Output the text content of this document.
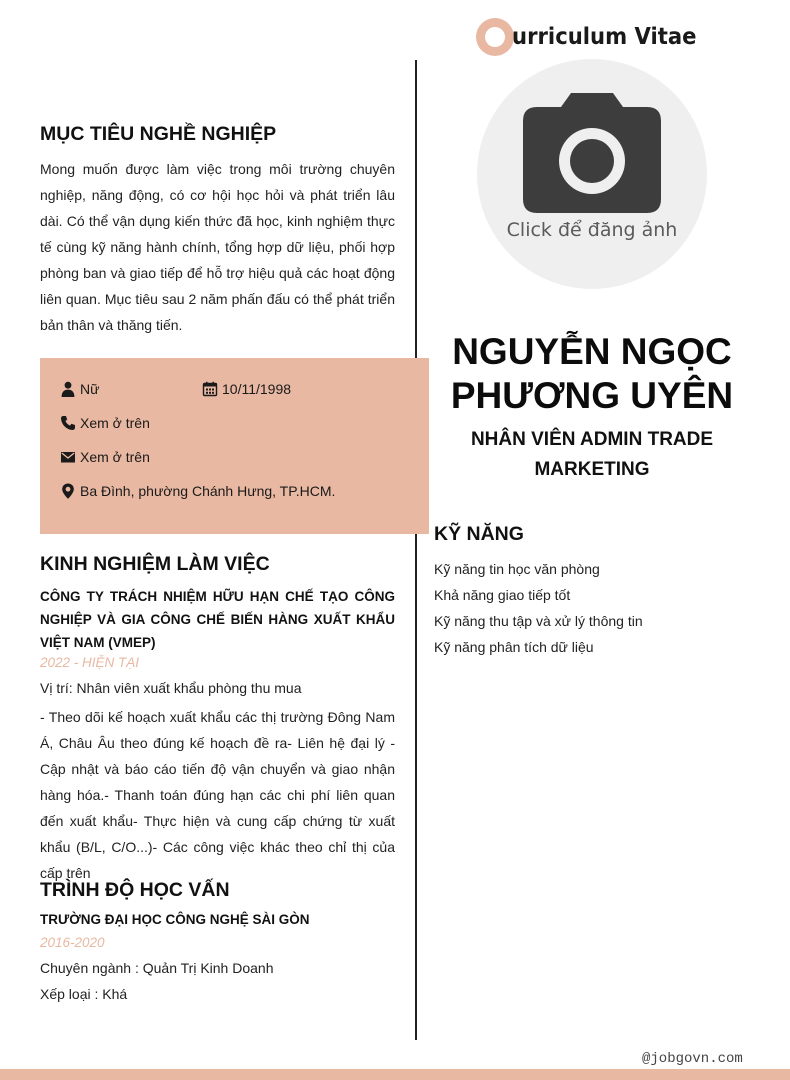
urriculum Vitae
MỤC TIÊU NGHỀ NGHIỆP

Mong muốn được làm việc trong môi trường chuyên nghiệp, năng động, có cơ hội học hỏi và phát triển lâu dài. Có thể vận dụng kiến thức đã học, kinh nghiệm thực tế cùng kỹ năng hành chính, tổng hợp dữ liệu, phối hợp phòng ban và giao tiếp để hỗ trợ hiệu quả các hoạt động liên quan. Mục tiêu sau 2 năm phấn đấu có thể phát triển bản thân và thăng tiến.

Nữ	10/11/1998
Xem ở trên
Xem ở trên
Ba Đình, phường Chánh Hưng, TP.HCM.
KINH NGHIỆM LÀM VIỆC
CÔNG TY TRÁCH NHIỆM HỮU HẠN CHẾ TẠO CÔNG NGHIỆP VÀ GIA CÔNG CHẾ BIẾN HÀNG XUẤT KHẨU VIỆT NAM (VMEP)
2022 - HIỆN TẠI
Vị trí: Nhân viên xuất khẩu phòng thu mua

- Theo dõi kế hoạch xuất khẩu các thị trường Đông Nam Á, Châu Âu theo đúng kế hoạch đề ra- Liên hệ đại lý - Cập nhật và báo cáo tiến độ vận chuyển và giao nhận hàng hóa.- Thanh toán đúng hạn các chi phí liên quan đến xuất khẩu- Thực hiện và cung cấp chứng từ xuất khẩu (B/L, C/O...)- Các công việc khác theo chỉ thị của cấp trên

TRÌNH ĐỘ HỌC VẤN
TRƯỜNG ĐẠI HỌC CÔNG NGHỆ SÀI GÒN
2016-2020
Chuyên ngành : Quản Trị Kinh Doanh
Xếp loại : Khá
Click để đăng ảnh
NGUYỄN NGỌC PHƯƠNG UYÊN
NHÂN VIÊN ADMIN TRADE MARKETING
KỸ NĂNG
Kỹ năng tin học văn phòng
Khả năng giao tiếp tốt
Kỹ năng thu tập và xử lý thông tin
Kỹ năng phân tích dữ liệu
@jobgovn.com
